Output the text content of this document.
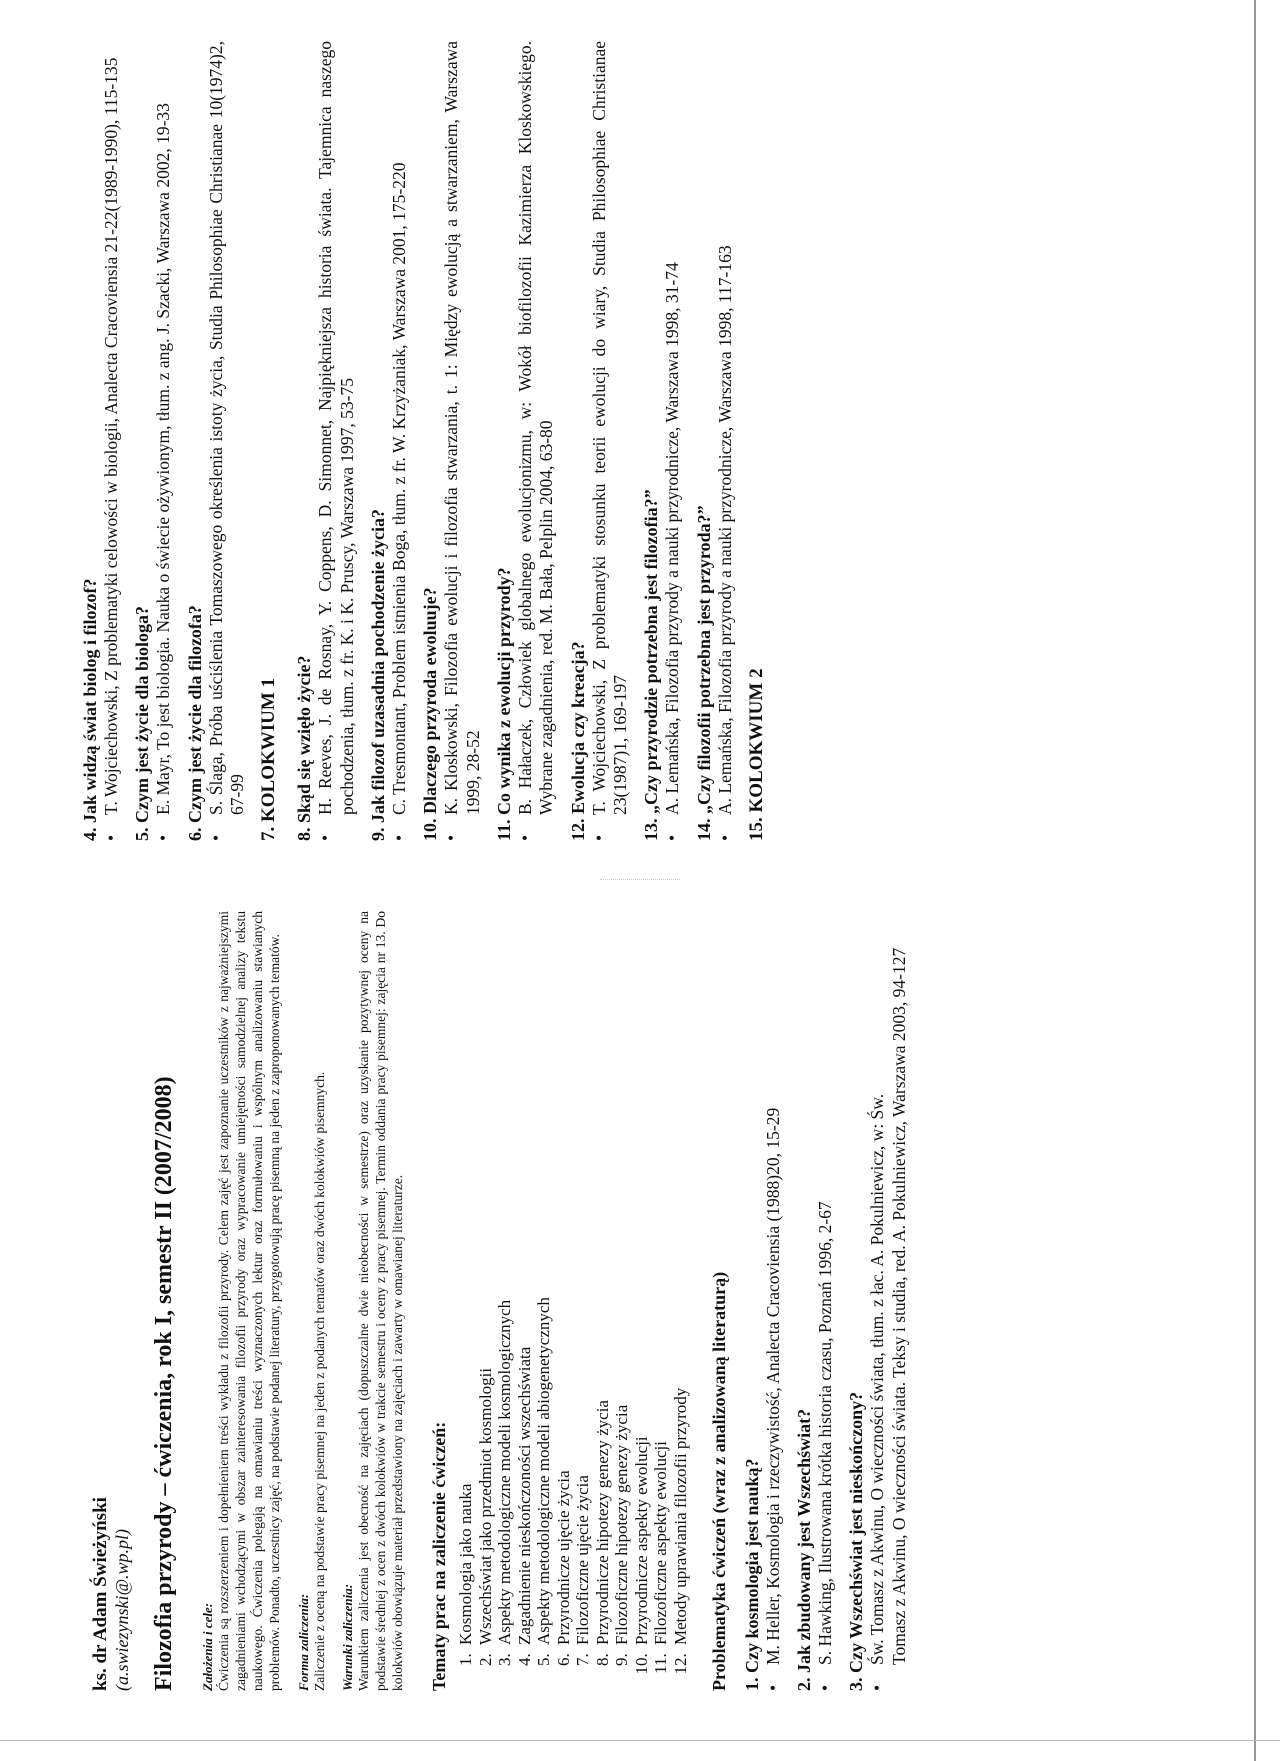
ks. dr Adam Świeżyński (a.swiezynski@.wp.pl) Filozofia przyrody – ćwiczenia, rok I, semestr II (2007/2008) Założenia i cele: Ćwiczenia są rozszerzeniem i dopełnieniem treści wykładu z filozofii przyrody. Celem zajęć jest zapoznanie uczestników z najważniejszymi zagadnieniami wchodzącymi w obszar zainteresowania filozofii przyrody oraz wypracowanie umiejętności samodzielnej analizy tekstu naukowego. Ćwiczenia polegają na omawianiu treści wyznaczonych lektur oraz formułowaniu i wspólnym analizowaniu stawianych problemów. Ponadto, uczestnicy zajęć, na podstawie podanej literatury, przygotowują pracę pisemną na jeden z zaproponowanych tematów. Forma zaliczenia: Zaliczenie z oceną na podstawie pracy pisemnej na jeden z podanych tematów oraz dwóch kolokwiów pisemnych. Warunki zaliczenia: Warunkiem zaliczenia jest obecność na zajęciach (dopuszczalne dwie nieobecności w semestrze) oraz uzyskanie pozytywnej oceny na podstawie średniej z ocen z dwóch kolokwiów w trakcie semestru i oceny z pracy pisemnej. Termin oddania pracy pisemnej: zajęcia nr 13. Do kolokwiów obowiązuje materiał przedstawiony na zajęciach i zawarty w omawianej literaturze. Tematy prac na zaliczenie ćwiczeń: 1. Kosmologia jako nauka 2. Wszechświat jako przedmiot kosmologii 3. Aspekty metodologiczne modeli kosmologicznych 4. Zagadnienie nieskończoności wszechświata 5. Aspekty metodologiczne modeli abiogenetycznych 6. Przyrodnicze ujęcie życia 7. Filozoficzne ujęcie życia 8. Przyrodnicze hipotezy genezy życia 9. Filozoficzne hipotezy genezy życia 10. Przyrodnicze aspekty ewolucji 11. Filozoficzne aspekty ewolucji 12. Metody uprawiania filozofii przyrody Problematyka ćwiczeń (wraz z analizowaną literaturą) 1. Czy kosmologia jest nauką? •
M. Heller, Kosmologia i rzeczywistość, Analecta Cracoviensia (1988)20, 15-29 2. Jak zbudowany jest Wszechświat? •
S. Hawking, Ilustrowana krótka historia czasu, Poznań 1996, 2-67 3. Czy Wszechświat jest nieskończony? •
Św. Tomasz z Akwinu, O wieczności świata, tłum. z łac. A. Pokulniewicz, w: Św. Tomasz z Akwinu, O wieczności świata. Teksy i studia, red. A. Pokulniewicz, Warszawa 2003, 94-127

4. Jak widzą świat biolog i filozof? •
T. Wojciechowski, Z problematyki celowości w biologii, Analecta Cracoviensia 21-22(1989-1990), 115-135 5. Czym jest życie dla biologa? •
E. Mayr, To jest biologia. Nauka o świecie ożywionym, tłum. z ang. J. Szacki, Warszawa 2002, 19-33 6. Czym jest życie dla filozofa? •
S. Ślaga, Próba uściślenia Tomaszowego określenia istoty życia, Studia Philosophiae Christianae 10(1974)2, 67-99 7. KOLOKWIUM 1 8. Skąd się wzięło życie? •
H. Reeves, J. de Rosnay, Y. Coppens, D. Simonnet, Najpiękniejsza historia świata. Tajemnica naszego pochodzenia, tłum. z fr. K. i K. Pruscy, Warszawa 1997, 53-75 9. Jak filozof uzasadnia pochodzenie życia? •
C. Tresmontant, Problem istnienia Boga, tłum. z fr. W. Krzyżaniak, Warszawa 2001, 175-220 10. Dlaczego przyroda ewoluuje? •
K. Kloskowski, Filozofia ewolucji i filozofia stwarzania, t. 1: Między ewolucją a stwarzaniem, Warszawa 1999, 28-52 11. Co wynika z ewolucji przyrody? •
B. Hałaczek, Człowiek globalnego ewolucjonizmu, w: Wokół biofilozofii Kazimierza Kloskowskiego. Wybrane zagadnienia, red. M. Bała, Pelplin 2004, 63-80 12. Ewolucja czy kreacja? •
T. Wojciechowski, Z problematyki stosunku teorii ewolucji do wiary, Studia Philosophiae Christianae 23(1987)1, 169-197 13. „Czy przyrodzie potrzebna jest filozofia?” •
A. Lemańska, Filozofia przyrody a nauki przyrodnicze, Warszawa 1998, 31-74 14. „Czy filozofii potrzebna jest przyroda?” •
A. Lemańska, Filozofia przyrody a nauki przyrodnicze, Warszawa 1998, 117-163 15. KOLOKWIUM 2
